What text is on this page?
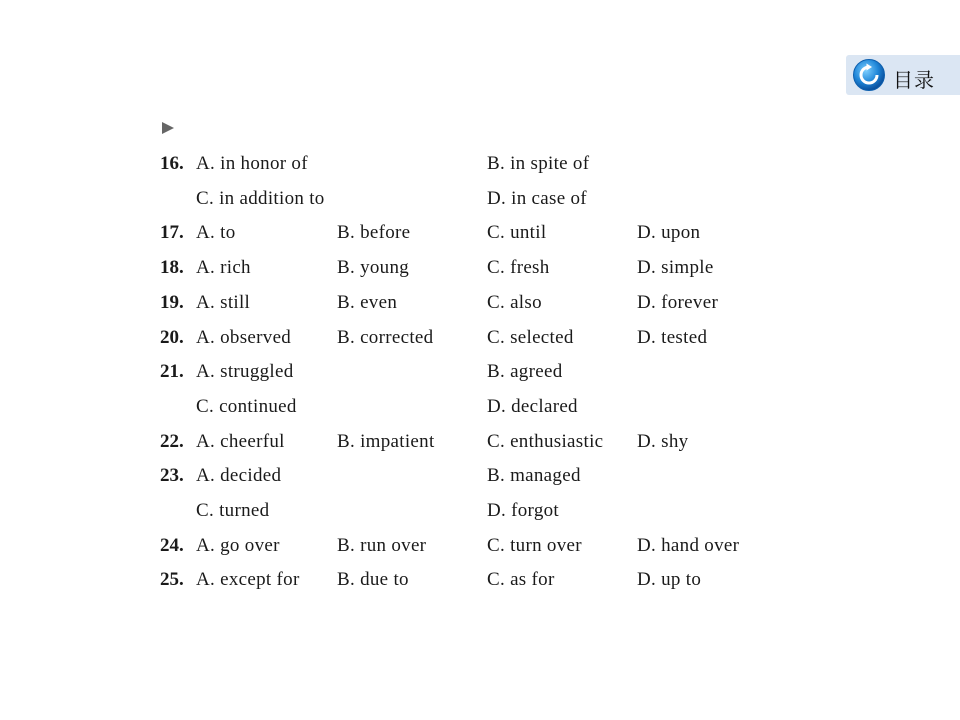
目录
16. A. in honor of	B. in spite of
C. in addition to	D. in case of
17. A. to	B. before	C. until	D. upon
18. A. rich	B. young	C. fresh	D. simple
19. A. still	B. even	C. also	D. forever
20. A. observed B. corrected	C. selected	D. tested
21. A. struggled	B. agreed
C. continued	D. declared
22. A. cheerful	B. impatient	C. enthusiastic D. shy
23. A. decided	B. managed
C. turned	D. forgot
24. A. go over	B. run over	C. turn over	D. hand over
25. A. except for B. due to	C. as for	D. up to
